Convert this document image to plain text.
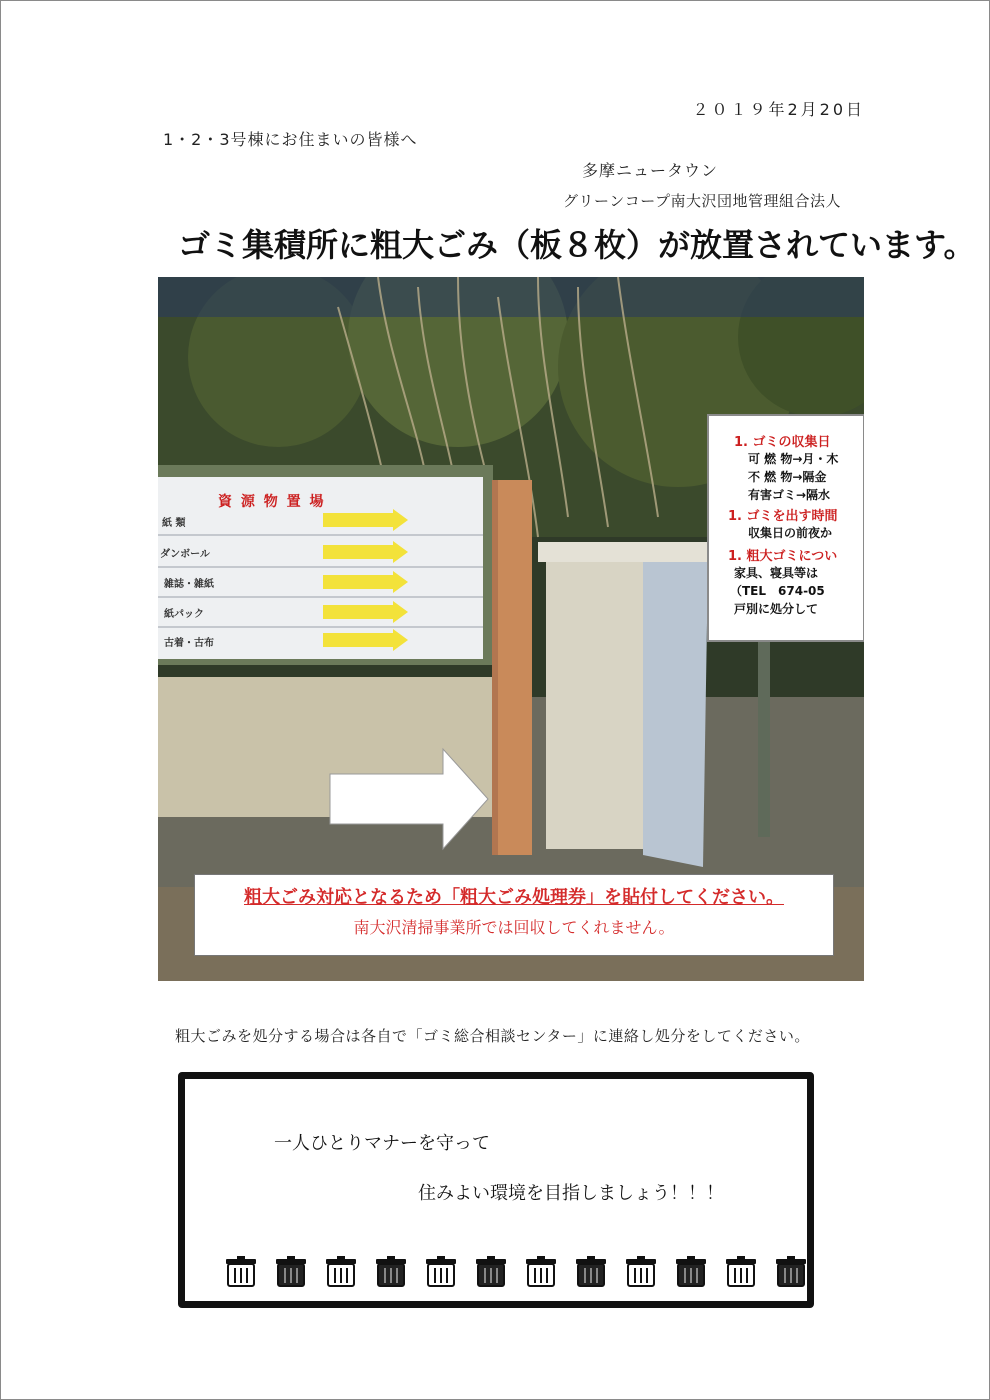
２０１９年2月20日
1・2・3号棟にお住まいの皆様へ
多摩ニュータウン
グリーンコープ南大沢団地管理組合法人
ゴミ集積所に粗大ごみ（板８枚）が放置されています。
資 源 物 置 場
紙 類
ダンボール
雑誌・雑紙
紙パック
古着・古布
1. ゴミの収集日
可 燃 物→月・木
不 燃 物→隔金
有害ゴミ→隔水
1. ゴミを出す時間
収集日の前夜か
1. 粗大ゴミについ
家具、寝具等は
（TEL　674-05
戸別に処分して
粗大ごみ対応となるため「粗大ごみ処理券」を貼付してください。
南大沢清掃事業所では回収してくれません。
粗大ごみを処分する場合は各自で「ゴミ総合相談センター」に連絡し処分をしてください。
一人ひとりマナーを守って
住みよい環境を目指しましょう！！！
